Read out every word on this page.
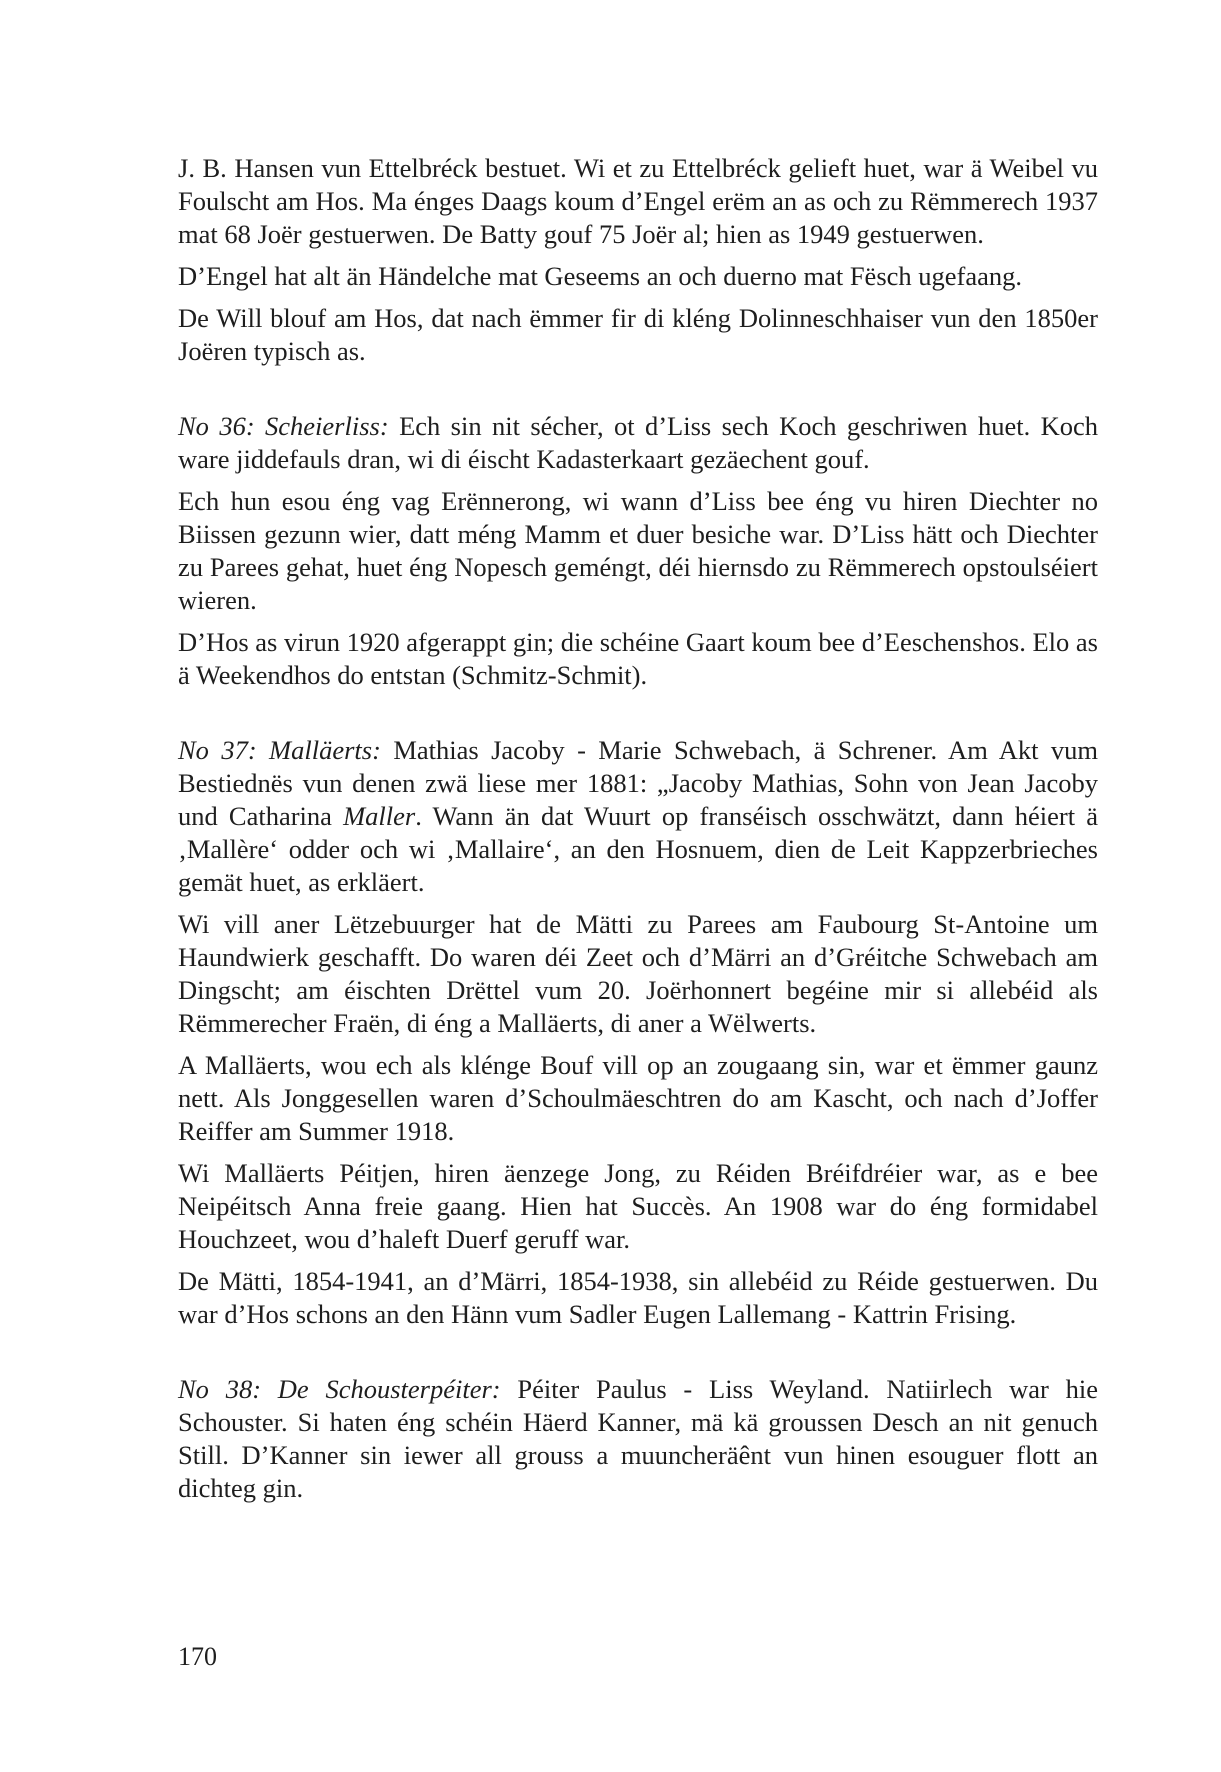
J. B. Hansen vun Ettelbréck bestuet. Wi et zu Ettelbréck gelieft huet, war ä Weibel vu Foulscht am Hos. Ma énges Daags koum d’Engel erëm an as och zu Rëmmerech 1937 mat 68 Joër gestuerwen. De Batty gouf 75 Joër al; hien as 1949 gestuerwen.

D’Engel hat alt än Händelche mat Geseems an och duerno mat Fësch ugefaang.

De Will blouf am Hos, dat nach ëmmer fir di kléng Dolinneschhaiser vun den 1850er Joëren typisch as.

No 36: Scheierliss: Ech sin nit sécher, ot d’Liss sech Koch geschriwen huet. Koch ware jiddefauls dran, wi di éischt Kadasterkaart gezäechent gouf.

Ech hun esou éng vag Erënnerong, wi wann d’Liss bee éng vu hiren Diechter no Biissen gezunn wier, datt méng Mamm et duer besiche war. D’Liss hätt och Diechter zu Parees gehat, huet éng Nopesch geméngt, déi hiernsdo zu Rëmmerech opstoulséiert wieren.

D’Hos as virun 1920 afgerappt gin; die schéine Gaart koum bee d’Eeschenshos. Elo as ä Weekendhos do entstan (Schmitz-Schmit).

No 37: Malläerts: Mathias Jacoby - Marie Schwebach, ä Schrener. Am Akt vum Bestiednës vun denen zwä liese mer 1881: „Jacoby Mathias, Sohn von Jean Jacoby und Catharina Maller. Wann än dat Wuurt op franséisch osschwätzt, dann héiert ä ‚Mallère‘ odder och wi ‚Mallaire‘, an den Hosnuem, dien de Leit Kappzerbrieches gemät huet, as erkläert.

Wi vill aner Lëtzebuurger hat de Mätti zu Parees am Faubourg St-Antoine um Haundwierk geschafft. Do waren déi Zeet och d’Märri an d’Gréitche Schwebach am Dingscht; am éischten Drëttel vum 20. Joërhonnert begéine mir si allebéid als Rëmmerecher Fraën, di éng a Malläerts, di aner a Wëlwerts.

A Malläerts, wou ech als klénge Bouf vill op an zougaang sin, war et ëmmer gaunz nett. Als Jonggesellen waren d’Schoulmäeschtren do am Kascht, och nach d’Joffer Reiffer am Summer 1918.

Wi Malläerts Péitjen, hiren äenzege Jong, zu Réiden Bréifdréier war, as e bee Neipéitsch Anna freie gaang. Hien hat Succès. An 1908 war do éng formidabel Houchzeet, wou d’haleft Duerf geruff war.

De Mätti, 1854-1941, an d’Märri, 1854-1938, sin allebéid zu Réide gestuerwen. Du war d’Hos schons an den Hänn vum Sadler Eugen Lallemang - Kattrin Frising.

No 38: De Schousterpéiter: Péiter Paulus - Liss Weyland. Natiirlech war hie Schouster. Si haten éng schéin Häerd Kanner, mä kä groussen Desch an nit genuch Still. D’Kanner sin iewer all grouss a muuncheräênt vun hinen esouguer flott an dichteg gin.

170
